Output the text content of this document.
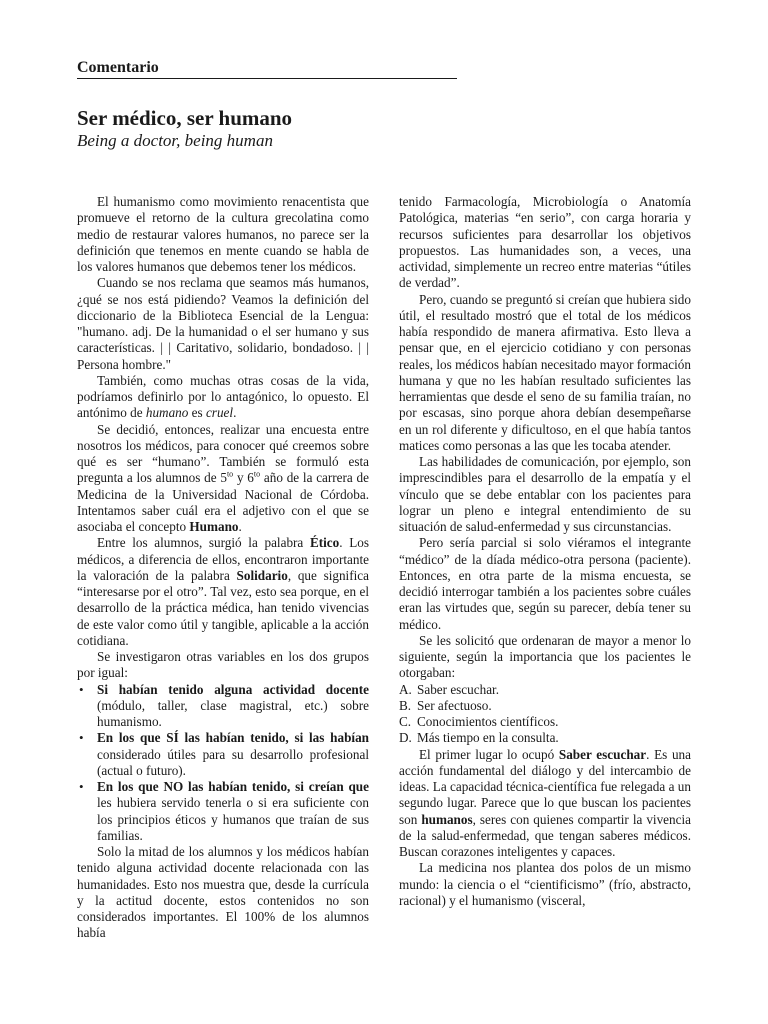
Comentario
Ser médico, ser humano
Being a doctor, being human

El humanismo como movimiento renacentista que promueve el retorno de la cultura grecolatina como medio de restaurar valores humanos, no parece ser la definición que tenemos en mente cuando se habla de los valores humanos que debemos tener los médicos.

Cuando se nos reclama que seamos más humanos, ¿qué se nos está pidiendo? Veamos la definición del diccionario de la Biblioteca Esencial de la Lengua: "humano. adj. De la humanidad o el ser humano y sus características. | | Caritativo, solidario, bondadoso. | | Persona hombre."

También, como muchas otras cosas de la vida, podríamos definirlo por lo antagónico, lo opuesto. El antónimo de humano es cruel.

Se decidió, entonces, realizar una encuesta entre nosotros los médicos, para conocer qué creemos sobre qué es ser “humano”. También se formuló esta pregunta a los alumnos de $5^{to}$ y $6^{to}$ año de la carrera de Medicina de la Universidad Nacional de Córdoba. Intentamos saber cuál era el adjetivo con el que se asociaba el concepto Humano.

Entre los alumnos, surgió la palabra Ético. Los médicos, a diferencia de ellos, encontraron importante la valoración de la palabra Solidario, que significa “interesarse por el otro”. Tal vez, esto sea porque, en el desarrollo de la práctica médica, han tenido vivencias de este valor como útil y tangible, aplicable a la acción cotidiana.

Se investigaron otras variables en los dos grupos por igual:

• Si habían tenido alguna actividad docente (módulo, taller, clase magistral, etc.) sobre humanismo.
• En los que SÍ las habían tenido, si las habían considerado útiles para su desarrollo profesional (actual o futuro).
• En los que NO las habían tenido, si creían que les hubiera servido tenerla o si era suficiente con los principios éticos y humanos que traían de sus familias.

Solo la mitad de los alumnos y los médicos habían tenido alguna actividad docente relacionada con las humanidades. Esto nos muestra que, desde la currícula y la actitud docente, estos contenidos no son considerados importantes. El 100% de los alumnos había

tenido Farmacología, Microbiología o Anatomía Patológica, materias “en serio”, con carga horaria y recursos suficientes para desarrollar los objetivos propuestos. Las humanidades son, a veces, una actividad, simplemente un recreo entre materias “útiles de verdad”.

Pero, cuando se preguntó si creían que hubiera sido útil, el resultado mostró que el total de los médicos había respondido de manera afirmativa. Esto lleva a pensar que, en el ejercicio cotidiano y con personas reales, los médicos habían necesitado mayor formación humana y que no les habían resultado suficientes las herramientas que desde el seno de su familia traían, no por escasas, sino porque ahora debían desempeñarse en un rol diferente y dificultoso, en el que había tantos matices como personas a las que les tocaba atender.

Las habilidades de comunicación, por ejemplo, son imprescindibles para el desarrollo de la empatía y el vínculo que se debe entablar con los pacientes para lograr un pleno e integral entendimiento de su situación de salud-enfermedad y sus circunstancias.

Pero sería parcial si solo viéramos el integrante “médico” de la díada médico-otra persona (paciente). Entonces, en otra parte de la misma encuesta, se decidió interrogar también a los pacientes sobre cuáles eran las virtudes que, según su parecer, debía tener su médico.

Se les solicitó que ordenaran de mayor a menor lo siguiente, según la importancia que los pacientes le otorgaban:

A. Saber escuchar.
B. Ser afectuoso.
C. Conocimientos científicos.
D. Más tiempo en la consulta.

El primer lugar lo ocupó Saber escuchar. Es una acción fundamental del diálogo y del intercambio de ideas. La capacidad técnica-científica fue relegada a un segundo lugar. Parece que lo que buscan los pacientes son humanos, seres con quienes compartir la vivencia de la salud-enfermedad, que tengan saberes médicos. Buscan corazones inteligentes y capaces.

La medicina nos plantea dos polos de un mismo mundo: la ciencia o el “cientificismo” (frío, abstracto, racional) y el humanismo (visceral,
